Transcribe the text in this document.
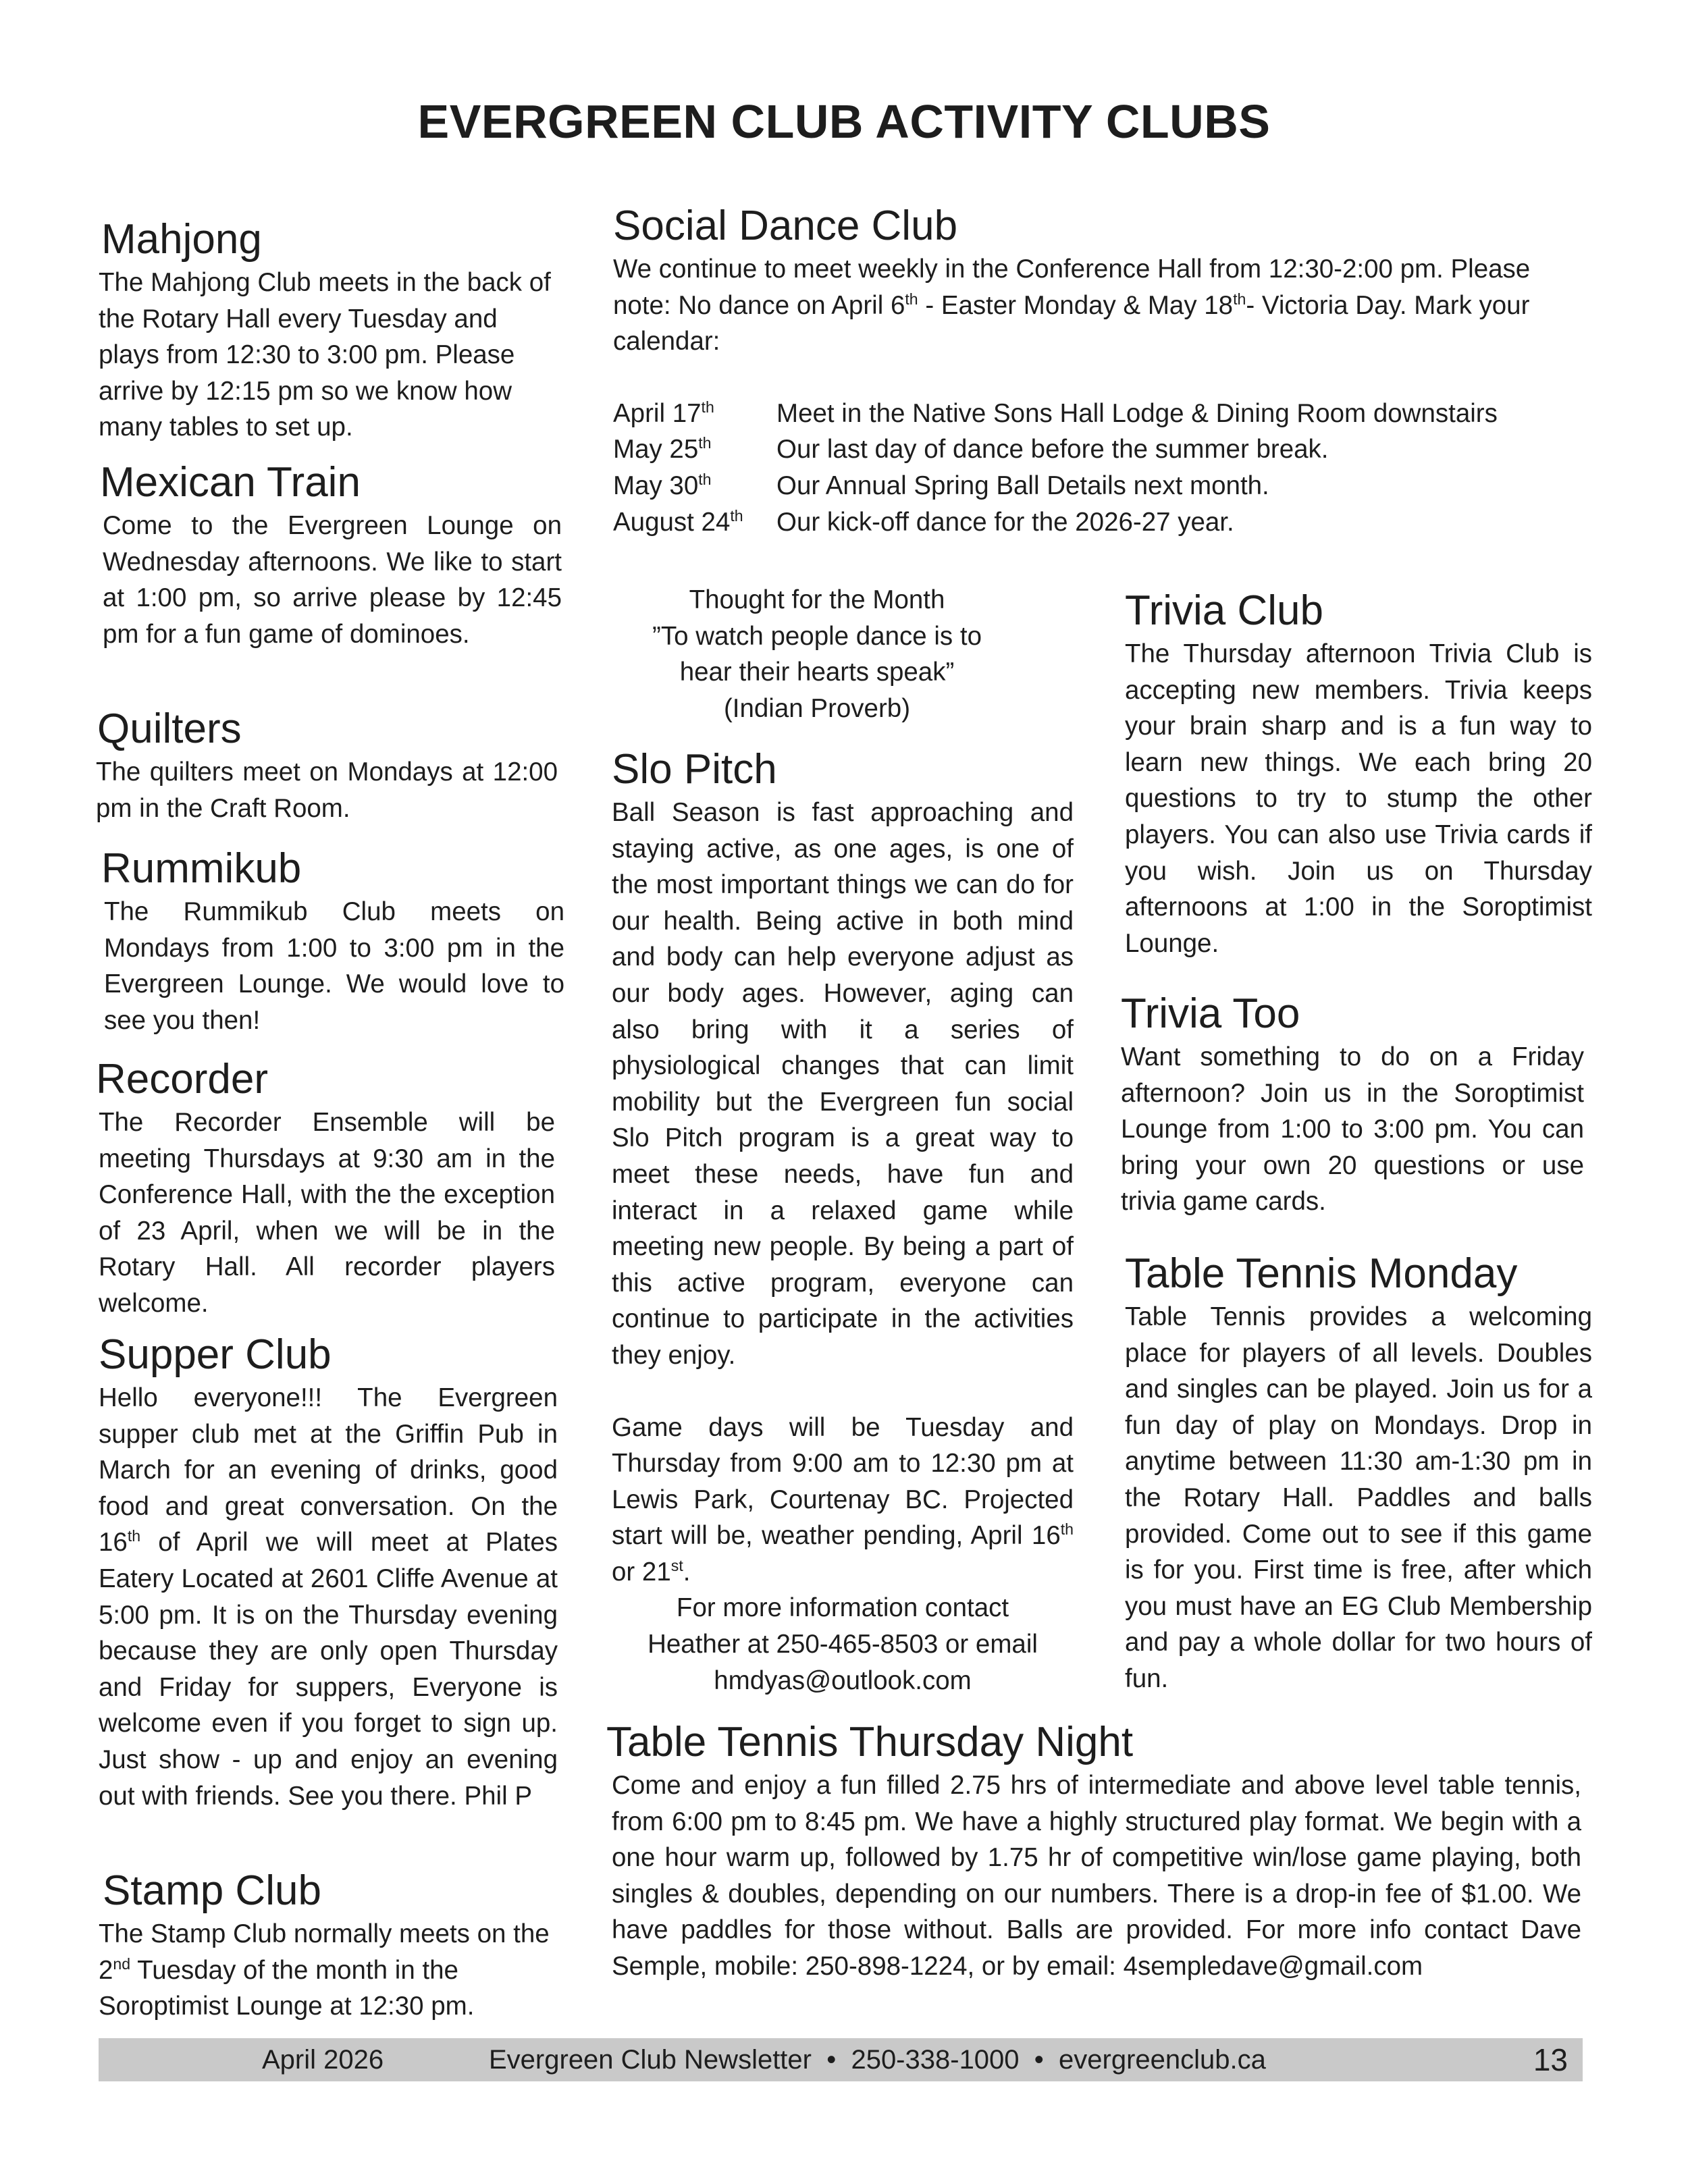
EVERGREEN CLUB ACTIVITY CLUBS
Mahjong

The Mahjong Club meets in the back of the Rotary Hall every Tuesday and plays from 12:30 to 3:00 pm. Please arrive by 12:15 pm so we know how many tables to set up.

Mexican Train

Come to the Evergreen Lounge on Wednesday afternoons. We like to start at 1:00 pm, so arrive please by 12:45 pm for a fun game of dominoes.

Quilters

The quilters meet on Mondays at 12:00 pm in the Craft Room.

Rummikub

The Rummikub Club meets on Mondays from 1:00 to 3:00 pm in the Evergreen Lounge. We would love to see you then!

Recorder

The Recorder Ensemble will be meeting Thursdays at 9:30 am in the Conference Hall, with the the exception of 23 April, when we will be in the Rotary Hall. All recorder players welcome.

Supper Club

Hello everyone!!! The Evergreen supper club met at the Griffin Pub in March for an evening of drinks, good food and great conversation. On the 16th of April we will meet at Plates Eatery Located at 2601 Cliffe Avenue at 5:00 pm. It is on the Thursday evening because they are only open Thursday and Friday for suppers, Everyone is welcome even if you forget to sign up. Just show - up and enjoy an evening out with friends. See you there. Phil P

Stamp Club

The Stamp Club normally meets on the 2nd Tuesday of the month in the Soroptimist Lounge at 12:30 pm.

Social Dance Club

We continue to meet weekly in the Conference Hall from 12:30-2:00 pm. Please note: No dance on April 6th - Easter Monday & May 18th- Victoria Day. Mark your calendar:

April 17th	Meet in the Native Sons Hall Lodge & Dining Room downstairs
May 25th	Our last day of dance before the summer break.
May 30th	Our Annual Spring Ball Details next month.
August 24th	Our kick-off dance for the 2026-27 year.

Thought for the Month

”To watch people dance is to

hear their hearts speak”

(Indian Proverb)

Slo Pitch

Ball Season is fast approaching and staying active, as one ages, is one of the most important things we can do for our health. Being active in both mind and body can help everyone adjust as our body ages. However, aging can also bring with it a series of physiological changes that can limit mobility but the Evergreen fun social Slo Pitch program is a great way to meet these needs, have fun and interact in a relaxed game while meeting new people. By being a part of this active program, everyone can continue to participate in the activities they enjoy.

Game days will be Tuesday and Thursday from 9:00 am to 12:30 pm at Lewis Park, Courtenay BC. Projected start will be, weather pending, April 16th or 21st.

For more information contact

Heather at 250-465-8503 or email

hmdyas@outlook.com

Trivia Club

The Thursday afternoon Trivia Club is accepting new members. Trivia keeps your brain sharp and is a fun way to learn new things. We each bring 20 questions to try to stump the other players. You can also use Trivia cards if you wish. Join us on Thursday afternoons at 1:00 in the Soroptimist Lounge.

Trivia Too

Want something to do on a Friday afternoon? Join us in the Soroptimist Lounge from 1:00 to 3:00 pm. You can bring your own 20 questions or use trivia game cards.

Table Tennis Monday

Table Tennis provides a welcoming place for players of all levels. Doubles and singles can be played. Join us for a fun day of play on Mondays. Drop in anytime between 11:30 am-1:30 pm in the Rotary Hall. Paddles and balls provided. Come out to see if this game is for you. First time is free, after which you must have an EG Club Membership and pay a whole dollar for two hours of fun.

Table Tennis Thursday Night

Come and enjoy a fun filled 2.75 hrs of intermediate and above level table tennis, from 6:00 pm to 8:45 pm. We have a highly structured play format. We begin with a one hour warm up, followed by 1.75 hr of competitive win/lose game playing, both singles & doubles, depending on our numbers. There is a drop-in fee of $1.00. We have paddles for those without. Balls are provided. For more info contact Dave Semple, mobile: 250-898-1224, or by email: 4sempledave@gmail.com

April 2026	Evergreen Club Newsletter  •  250-338-1000  •  evergreenclub.ca	13
